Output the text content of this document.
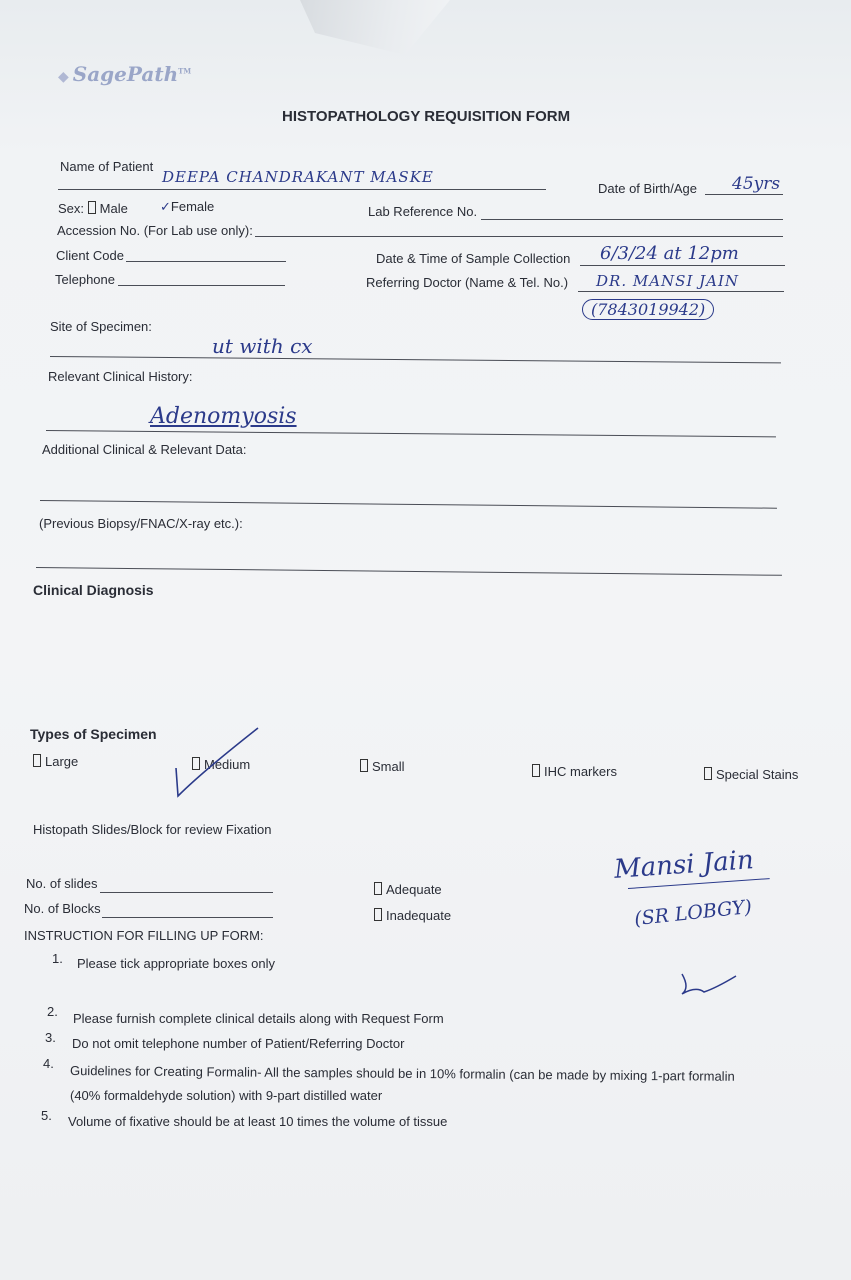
◆ SagePath™
HISTOPATHOLOGY REQUISITION FORM
Name of Patient
DEEPA CHANDRAKANT MASKE
Date of Birth/Age 45yrs
Sex: Male ✓Female	Lab Reference No.
Accession No. (For Lab use only):
Client Code	Date & Time of Sample Collection 6/3/24 at 12pm
Telephone	Referring Doctor (Name & Tel. No.) DR. MANSI JAIN
(7843019942)
Site of Specimen:
ut with cx
Relevant Clinical History:
Adenomyosis
Additional Clinical & Relevant Data:
(Previous Biopsy/FNAC/X-ray etc.):
Clinical Diagnosis
Types of Specimen
Large	Medium	Small	IHC markers	Special Stains
Histopath Slides/Block for review Fixation
No. of slides
No. of Blocks
Adequate
Inadequate
Mansi Jain
(SR LOBGY)
INSTRUCTION FOR FILLING UP FORM:
1. Please tick appropriate boxes only
2. Please furnish complete clinical details along with Request Form
3. Do not omit telephone number of Patient/Referring Doctor
4. Guidelines for Creating Formalin- All the samples should be in 10% formalin (can be made by mixing 1-part formalin
(40% formaldehyde solution) with 9-part distilled water
5. Volume of fixative should be at least 10 times the volume of tissue
